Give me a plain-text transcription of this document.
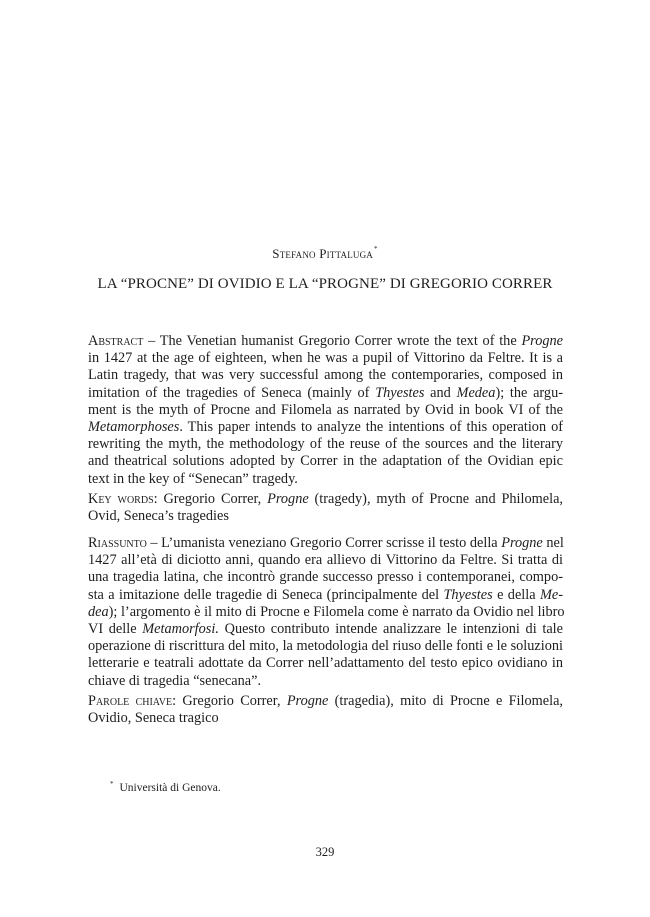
Stefano Pittaluga*
LA “PROCNE” DI OVIDIO E LA “PROGNE” DI GREGORIO CORRER
Abstract – The Venetian humanist Gregorio Correr wrote the text of the Progne
in 1427 at the age of eighteen, when he was a pupil of Vittorino da Feltre. It is a
Latin tragedy, that was very successful among the contemporaries, composed in
imitation of the tragedies of Seneca (mainly of Thyestes and Medea); the argu-
ment is the myth of Procne and Filomela as narrated by Ovid in book VI of the
Metamorphoses. This paper intends to analyze the intentions of this operation of
rewriting the myth, the methodology of the reuse of the sources and the literary
and theatrical solutions adopted by Correr in the adaptation of the Ovidian epic
text in the key of “Senecan” tragedy.
Key words: Gregorio Correr, Progne (tragedy), myth of Procne and Philomela,
Ovid, Seneca’s tragedies
Riassunto – L’umanista veneziano Gregorio Correr scrisse il testo della Progne nel
1427 all’età di diciotto anni, quando era allievo di Vittorino da Feltre. Si tratta di
una tragedia latina, che incontrò grande successo presso i contemporanei, compo-
sta a imitazione delle tragedie di Seneca (principalmente del Thyestes e della Me-
dea); l’argomento è il mito di Procne e Filomela come è narrato da Ovidio nel libro
VI delle Metamorfosi. Questo contributo intende analizzare le intenzioni di tale
operazione di riscrittura del mito, la metodologia del riuso delle fonti e le soluzioni
letterarie e teatrali adottate da Correr nell’adattamento del testo epico ovidiano in
chiave di tragedia “senecana”.
Parole chiave: Gregorio Correr, Progne (tragedia), mito di Procne e Filomela,
Ovidio, Seneca tragico
* Università di Genova.
329
